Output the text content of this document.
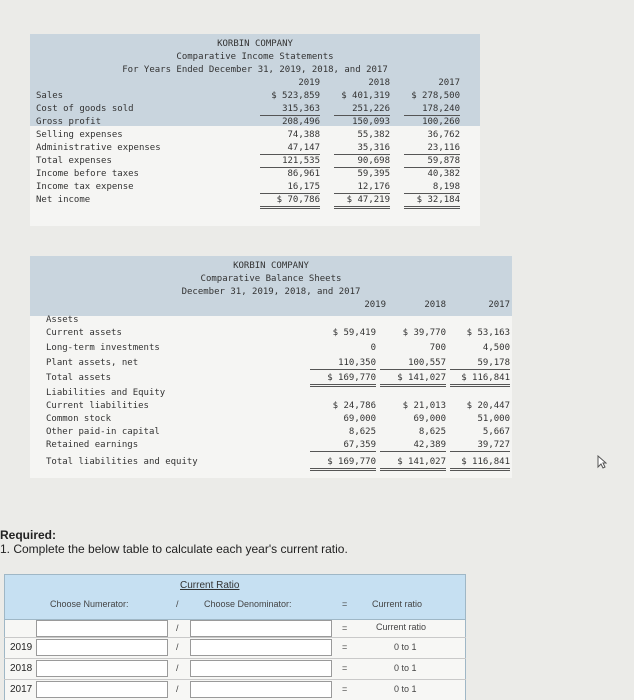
KORBIN COMPANY
Comparative Income Statements
For Years Ended December 31, 2019, 2018, and 2017
2019	2018	2017
Sales	$ 523,859	$ 401,319	$ 278,500
Cost of goods sold	315,363	251,226	178,240
Gross profit	208,496	150,093	100,260
Selling expenses	74,388	55,382	36,762
Administrative expenses	47,147	35,316	23,116
Total expenses	121,535	90,698	59,878
Income before taxes	86,961	59,395	40,382
Income tax expense	16,175	12,176	8,198
Net income	$ 70,786	$ 47,219	$ 32,184
KORBIN COMPANY
Comparative Balance Sheets
December 31, 2019, 2018, and 2017
2019	2018	2017
Assets
Current assets	$ 59,419	$ 39,770	$ 53,163
Long-term investments	0	700	4,500
Plant assets, net	110,350	100,557	59,178
Total assets	$ 169,770	$ 141,027	$ 116,841
Liabilities and Equity
Current liabilities	$ 24,786	$ 21,013	$ 20,447
Common stock	69,000	69,000	51,000
Other paid-in capital	8,625	8,625	5,667
Retained earnings	67,359	42,389	39,727
Total liabilities and equity	$ 169,770	$ 141,027	$ 116,841
Required:
1. Complete the below table to calculate each year's current ratio.
Current Ratio
Choose Numerator:	/	Choose Denominator:	=	Current ratio
/	=	Current ratio
2019	/	=	0 to 1
2018	/	=	0 to 1
2017	/	=	0 to 1
